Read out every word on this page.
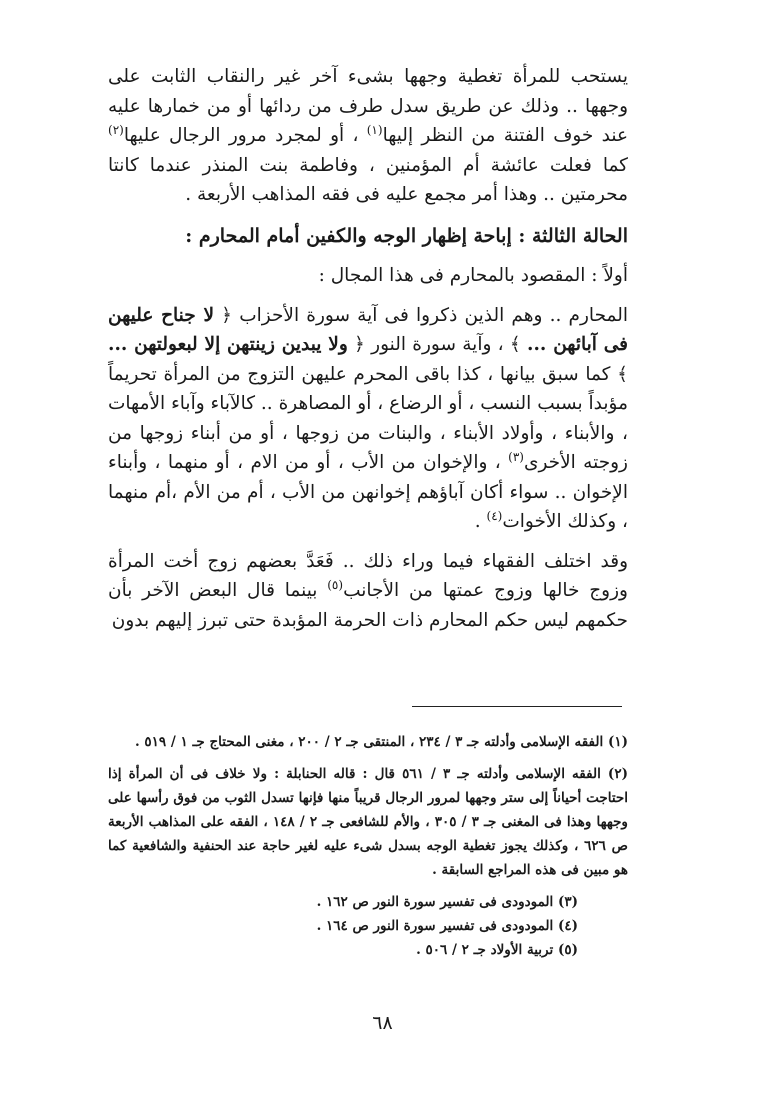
يستحب للمرأة تغطية وجهها بشىء آخر غير رالنقاب الثابت على وجهها .. وذلك عن طريق سدل طرف من ردائها أو من خمارها عليه عند خوف الفتنة من النظر إليها$^{(١)}$ ، أو لمجرد مرور الرجال عليها$^{(٢)}$ كما فعلت عائشة أم المؤمنين ، وفاطمة بنت المنذر عندما كانتا محرمتين .. وهذا أمر مجمع عليه فى فقه المذاهب الأربعة .

الحالة الثالثة : إباحة إظهار الوجه والكفين أمام المحارم :

أولاً : المقصود بالمحارم فى هذا المجال :

المحارم .. وهم الذين ذكروا فى آية سورة الأحزاب ﴿ لا جناح عليهن فى آبائهن ... ﴾ ، وآية سورة النور ﴿ ولا يبدين زينتهن إلا لبعولتهن ... ﴾ كما سبق بيانها ، كذا باقى المحرم عليهن التزوج من المرأة تحريماً مؤبداً بسبب النسب ، أو الرضاع ، أو المصاهرة .. كالآباء وآباء الأمهات ، والأبناء ، وأولاد الأبناء ، والبنات من زوجها ، أو من أبناء زوجها من زوجته الأخرى$^{(٣)}$ ، والإخوان من الأب ، أو من الام ، أو منهما ، وأبناء الإخوان .. سواء أكان آباؤهم إخوانهن من الأب ، أم من الأم ،أم منهما ، وكذلك الأخوات$^{(٤)}$ .

وقد اختلف الفقهاء فيما وراء ذلك .. فَعَدَّ بعضهم زوج أخت المرأة وزوج خالها وزوج عمتها من الأجانب$^{(٥)}$ بينما قال البعض الآخر بأن حكمهم ليس حكم المحارم ذات الحرمة المؤبدة حتى تبرز إليهم بدون

(١) الفقه الإسلامى وأدلته جـ ٣ / ٢٣٤ ، المنتقى جـ ٢ / ٢٠٠ ، مغنى المحتاج جـ ١ / ٥١٩ .

(٢) الفقه الإسلامى وأدلته جـ ٣ / ٥٦١ قال : قاله الحنابلة : ولا خلاف فى أن المرأة إذا احتاجت أحياناً إلى ستر وجهها لمرور الرجال قريباً منها فإنها تسدل الثوب من فوق رأسها على وجهها وهذا فى المغنى جـ ٣ / ٣٠٥ ، والأم للشافعى جـ ٢ / ١٤٨ ، الفقه على المذاهب الأربعة ص ٦٢٦ ، وكذلك يجوز تغطية الوجه بسدل شىء عليه لغير حاجة عند الحنفية والشافعية كما هو مبين فى هذه المراجع السابقة .

(٣) المودودى فى تفسير سورة النور ص ١٦٢ .

(٤) المودودى فى تفسير سورة النور ص ١٦٤ .

(٥) تربية الأولاد جـ ٢ / ٥٠٦ .

٦٨
